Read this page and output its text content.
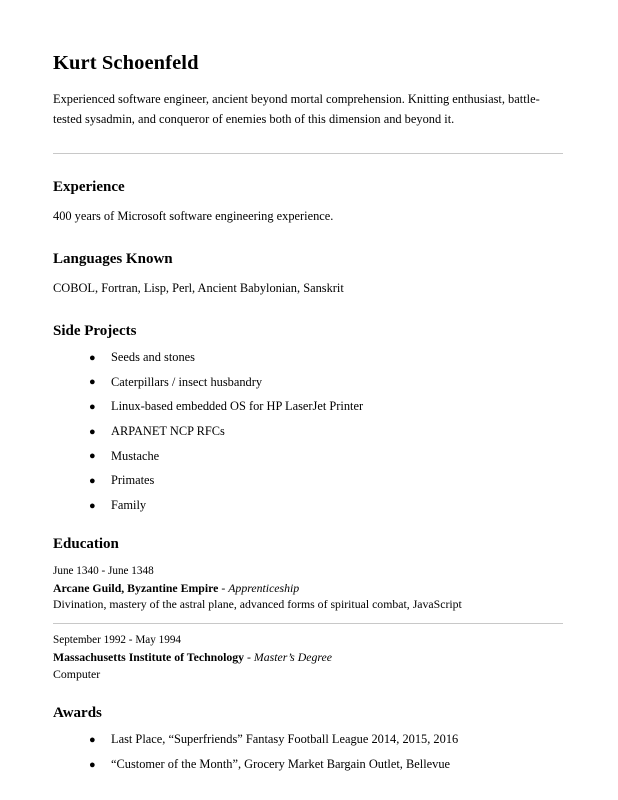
Kurt Schoenfeld

Experienced software engineer, ancient beyond mortal comprehension. Knitting enthusiast, battle-tested sysadmin, and conqueror of enemies both of this dimension and beyond it.

Experience

400 years of Microsoft software engineering experience.

Languages Known

COBOL, Fortran, Lisp, Perl, Ancient Babylonian, Sanskrit

Side Projects
● Seeds and stones
● Caterpillars / insect husbandry
● Linux-based embedded OS for HP LaserJet Printer
● ARPANET NCP RFCs
● Mustache
● Primates
● Family
Education

June 1340 - June 1348

Arcane Guild, Byzantine Empire - Apprenticeship

Divination, mastery of the astral plane, advanced forms of spiritual combat, JavaScript

September 1992 - May 1994

Massachusetts Institute of Technology - Master’s Degree

Computer

Awards
● Last Place, “Superfriends” Fantasy Football League 2014, 2015, 2016
● “Customer of the Month”, Grocery Market Bargain Outlet, Bellevue
